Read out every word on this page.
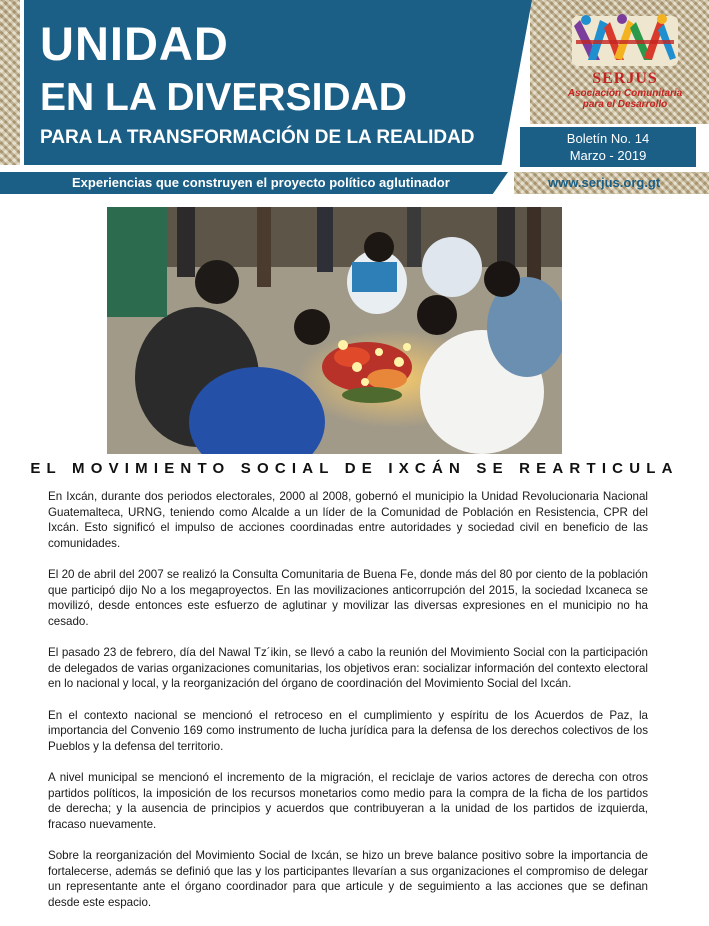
UNIDAD
EN LA DIVERSIDAD
PARA LA TRANSFORMACIÓN DE LA REALIDAD
SERJUS
Asociación Comunitaria
para el Desarrollo
Boletín No. 14
Marzo - 2019
Experiencias que construyen el proyecto político aglutinador	www.serjus.org.gt
EL MOVIMIENTO SOCIAL DE IXCÁN SE REARTICULA

En Ixcán, durante dos periodos electorales, 2000 al 2008, gobernó el municipio la Unidad Revolucionaria Nacional Guatemalteca, URNG, teniendo como Alcalde a un líder de la Comunidad de Población en Resistencia, CPR del Ixcán. Esto significó el impulso de acciones coordinadas entre autoridades y sociedad civil en beneficio de las comunidades.

El 20 de abril del 2007 se realizó la Consulta Comunitaria de Buena Fe, donde más del 80 por ciento de la población que participó dijo No a los megaproyectos. En las movilizaciones anticorrupción del 2015, la sociedad Ixcaneca se movilizó, desde entonces este esfuerzo de aglutinar y movilizar las diversas expresiones en el municipio no ha cesado.

El pasado 23 de febrero, día del Nawal Tz´ikin, se llevó a cabo la reunión del Movimiento Social con la participación de delegados de varias organizaciones comunitarias, los objetivos eran: socializar información del contexto electoral en lo nacional y local, y la reorganización del órgano de coordinación del Movimiento Social del Ixcán.

En el contexto nacional se mencionó el retroceso en el cumplimiento y espíritu de los Acuerdos de Paz, la importancia del Convenio 169 como instrumento de lucha jurídica para la defensa de los derechos colectivos de los Pueblos y la defensa del territorio.

A nivel municipal se mencionó el incremento de la migración, el reciclaje de varios actores de derecha con otros partidos políticos, la imposición de los recursos monetarios como medio para la compra de la ficha de los partidos de derecha; y la ausencia de principios y acuerdos que contribuyeran a la unidad de los partidos de izquierda, fracaso nuevamente.

Sobre la reorganización del Movimiento Social de Ixcán, se hizo un breve balance positivo sobre la importancia de fortalecerse, además se definió que las y los participantes llevarían a sus organizaciones el compromiso de delegar un representante ante el órgano coordinador para que articule y de seguimiento a las acciones que se definan desde este espacio.
